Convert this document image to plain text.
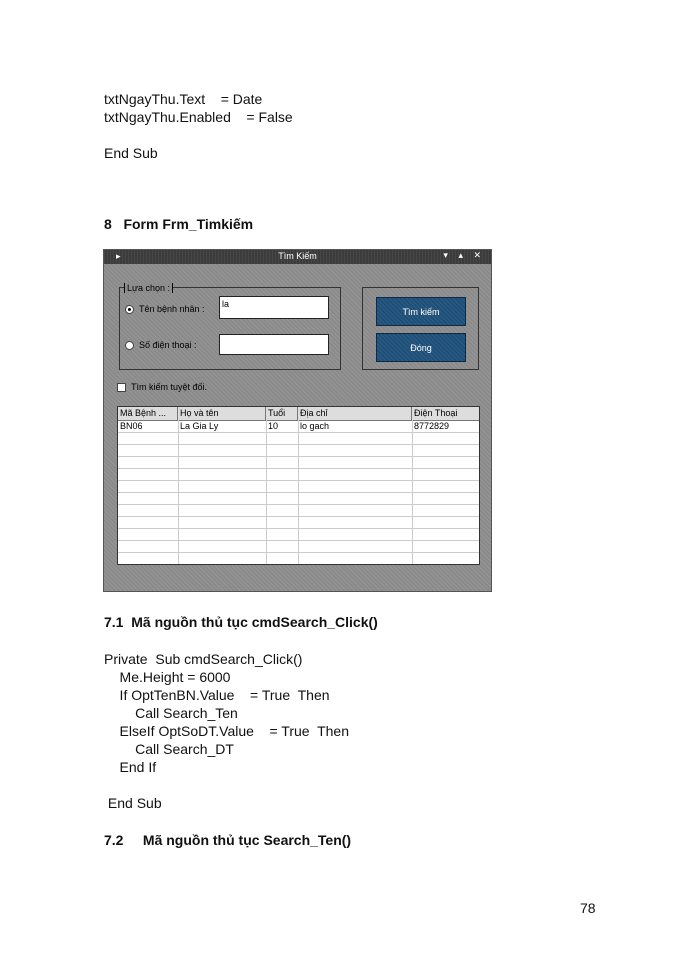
txtNgayThu.Text    = Date
txtNgayThu.Enabled    = False
End Sub
8   Form Frm_Timkiếm
▸	Tìm Kiếm	▾ ▴ ✕
Lựa chọn :
Tên bệnh nhân :	la
Số điện thoại :
Tìm kiếm
Đóng
Tìm kiếm tuyệt đối.
Mã Bệnh ...	Họ và tên	Tuổi	Địa chỉ	Điện Thoại
BN06	La Gia Ly	10	lo gach	8772829
7.1  Mã nguồn thủ tục cmdSearch_Click()
Private  Sub cmdSearch_Click()
Me.Height = 6000
If OptTenBN.Value    = True  Then
Call Search_Ten
ElseIf OptSoDT.Value    = True  Then
Call Search_DT
End If
End Sub
7.2     Mã nguồn thủ tục Search_Ten()
78
